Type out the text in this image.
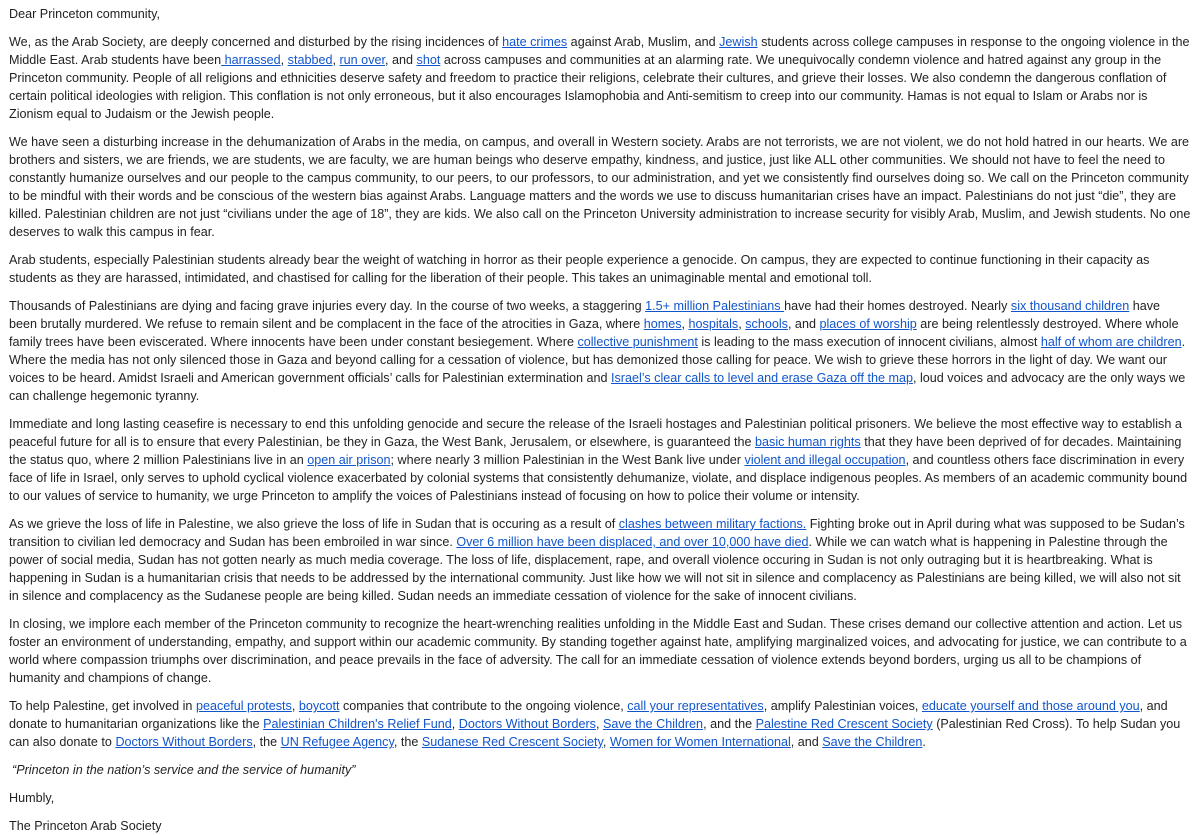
Dear Princeton community,

We, as the Arab Society, are deeply concerned and disturbed by the rising incidences of hate crimes against Arab, Muslim, and Jewish students across college campuses in response to the ongoing violence in the Middle East. Arab students have been harrassed, stabbed, run over, and shot across campuses and communities at an alarming rate. We unequivocally condemn violence and hatred against any group in the Princeton community. People of all religions and ethnicities deserve safety and freedom to practice their religions, celebrate their cultures, and grieve their losses. We also condemn the dangerous conflation of certain political ideologies with religion. This conflation is not only erroneous, but it also encourages Islamophobia and Anti-semitism to creep into our community. Hamas is not equal to Islam or Arabs nor is Zionism equal to Judaism or the Jewish people.

We have seen a disturbing increase in the dehumanization of Arabs in the media, on campus, and overall in Western society. Arabs are not terrorists, we are not violent, we do not hold hatred in our hearts. We are brothers and sisters, we are friends, we are students, we are faculty, we are human beings who deserve empathy, kindness, and justice, just like ALL other communities. We should not have to feel the need to constantly humanize ourselves and our people to the campus community, to our peers, to our professors, to our administration, and yet we consistently find ourselves doing so. We call on the Princeton community to be mindful with their words and be conscious of the western bias against Arabs. Language matters and the words we use to discuss humanitarian crises have an impact. Palestinians do not just “die”, they are killed. Palestinian children are not just “civilians under the age of 18”, they are kids. We also call on the Princeton University administration to increase security for visibly Arab, Muslim, and Jewish students. No one deserves to walk this campus in fear.

Arab students, especially Palestinian students already bear the weight of watching in horror as their people experience a genocide. On campus, they are expected to continue functioning in their capacity as students as they are harassed, intimidated, and chastised for calling for the liberation of their people. This takes an unimaginable mental and emotional toll.

Thousands of Palestinians are dying and facing grave injuries every day. In the course of two weeks, a staggering 1.5+ million Palestinians have had their homes destroyed. Nearly six thousand children have been brutally murdered. We refuse to remain silent and be complacent in the face of the atrocities in Gaza, where homes, hospitals, schools, and places of worship are being relentlessly destroyed. Where whole family trees have been eviscerated. Where innocents have been under constant besiegement. Where collective punishment is leading to the mass execution of innocent civilians, almost half of whom are children. Where the media has not only silenced those in Gaza and beyond calling for a cessation of violence, but has demonized those calling for peace. We wish to grieve these horrors in the light of day. We want our voices to be heard. Amidst Israeli and American government officials’ calls for Palestinian extermination and Israel’s clear calls to level and erase Gaza off the map, loud voices and advocacy are the only ways we can challenge hegemonic tyranny.

Immediate and long lasting ceasefire is necessary to end this unfolding genocide and secure the release of the Israeli hostages and Palestinian political prisoners. We believe the most effective way to establish a peaceful future for all is to ensure that every Palestinian, be they in Gaza, the West Bank, Jerusalem, or elsewhere, is guaranteed the basic human rights that they have been deprived of for decades. Maintaining the status quo, where 2 million Palestinians live in an open air prison; where nearly 3 million Palestinian in the West Bank live under violent and illegal occupation, and countless others face discrimination in every face of life in Israel, only serves to uphold cyclical violence exacerbated by colonial systems that consistently dehumanize, violate, and displace indigenous peoples. As members of an academic community bound to our values of service to humanity, we urge Princeton to amplify the voices of Palestinians instead of focusing on how to police their volume or intensity.

As we grieve the loss of life in Palestine, we also grieve the loss of life in Sudan that is occuring as a result of clashes between military factions. Fighting broke out in April during what was supposed to be Sudan’s transition to civilian led democracy and Sudan has been embroiled in war since. Over 6 million have been displaced, and over 10,000 have died. While we can watch what is happening in Palestine through the power of social media, Sudan has not gotten nearly as much media coverage. The loss of life, displacement, rape, and overall violence occuring in Sudan is not only outraging but it is heartbreaking. What is happening in Sudan is a humanitarian crisis that needs to be addressed by the international community. Just like how we will not sit in silence and complacency as Palestinians are being killed, we will also not sit in silence and complacency as the Sudanese people are being killed. Sudan needs an immediate cessation of violence for the sake of innocent civilians.

In closing, we implore each member of the Princeton community to recognize the heart-wrenching realities unfolding in the Middle East and Sudan. These crises demand our collective attention and action. Let us foster an environment of understanding, empathy, and support within our academic community. By standing together against hate, amplifying marginalized voices, and advocating for justice, we can contribute to a world where compassion triumphs over discrimination, and peace prevails in the face of adversity. The call for an immediate cessation of violence extends beyond borders, urging us all to be champions of humanity and champions of change.

To help Palestine, get involved in peaceful protests, boycott companies that contribute to the ongoing violence, call your representatives, amplify Palestinian voices, educate yourself and those around you, and donate to humanitarian organizations like the Palestinian Children's Relief Fund, Doctors Without Borders, Save the Children, and the Palestine Red Crescent Society (Palestinian Red Cross). To help Sudan you can also donate to Doctors Without Borders, the UN Refugee Agency, the Sudanese Red Crescent Society, Women for Women International, and Save the Children.

“Princeton in the nation’s service and the service of humanity”

Humbly,

The Princeton Arab Society
